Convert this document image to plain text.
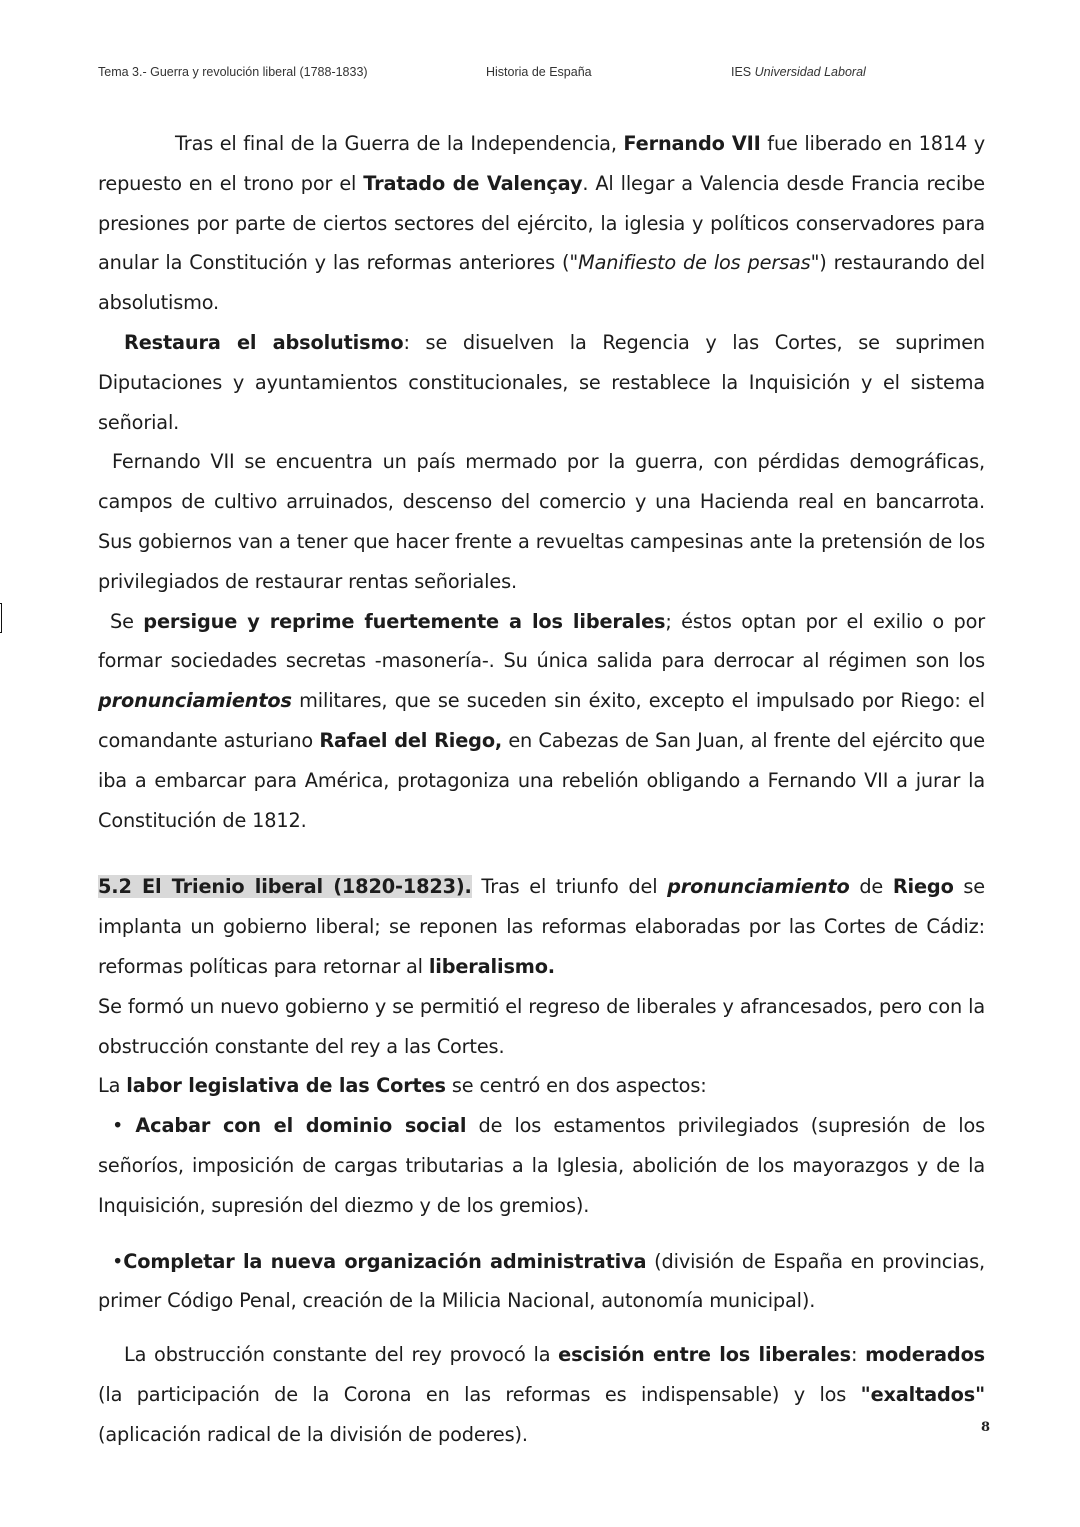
Tema 3.- Guerra y revolución liberal (1788-1833)	Historia de España	IES Universidad Laboral

Tras el final de la Guerra de la Independencia, Fernando VII fue liberado en 1814 y repuesto en el trono por el Tratado de Valençay. Al llegar a Valencia desde Francia recibe presiones por parte de ciertos sectores del ejército, la iglesia y políticos conservadores para anular la Constitución y las reformas anteriores ("Manifiesto de los persas") restaurando del absolutismo.

Restaura el absolutismo: se disuelven la Regencia y las Cortes, se suprimen Diputaciones y ayuntamientos constitucionales, se restablece la Inquisición y el sistema señorial.

Fernando VII se encuentra un país mermado por la guerra, con pérdidas demográficas, campos de cultivo arruinados, descenso del comercio y una Hacienda real en bancarrota. Sus gobiernos van a tener que hacer frente a revueltas campesinas ante la pretensión de los privilegiados de restaurar rentas señoriales.

Se persigue y reprime fuertemente a los liberales; éstos optan por el exilio o por formar sociedades secretas -masonería-. Su única salida para derrocar al régimen son los pronunciamientos militares, que se suceden sin éxito, excepto el impulsado por Riego: el comandante asturiano Rafael del Riego, en Cabezas de San Juan, al frente del ejército que iba a embarcar para América, protagoniza una rebelión obligando a Fernando VII a jurar la Constitución de 1812.

5.2 El Trienio liberal (1820-1823). Tras el triunfo del pronunciamiento de Riego se implanta un gobierno liberal; se reponen las reformas elaboradas por las Cortes de Cádiz: reformas políticas para retornar al liberalismo.

Se formó un nuevo gobierno y se permitió el regreso de liberales y afrancesados, pero con la obstrucción constante del rey a las Cortes.

La labor legislativa de las Cortes se centró en dos aspectos:

• Acabar con el dominio social de los estamentos privilegiados (supresión de los señoríos, imposición de cargas tributarias a la Iglesia, abolición de los mayorazgos y de la Inquisición, supresión del diezmo y de los gremios).

•Completar la nueva organización administrativa (división de España en provincias, primer Código Penal, creación de la Milicia Nacional, autonomía municipal).

La obstrucción constante del rey provocó la escisión entre los liberales: moderados (la participación de la Corona en las reformas es indispensable) y los "exaltados" (aplicación radical de la división de poderes).	8
